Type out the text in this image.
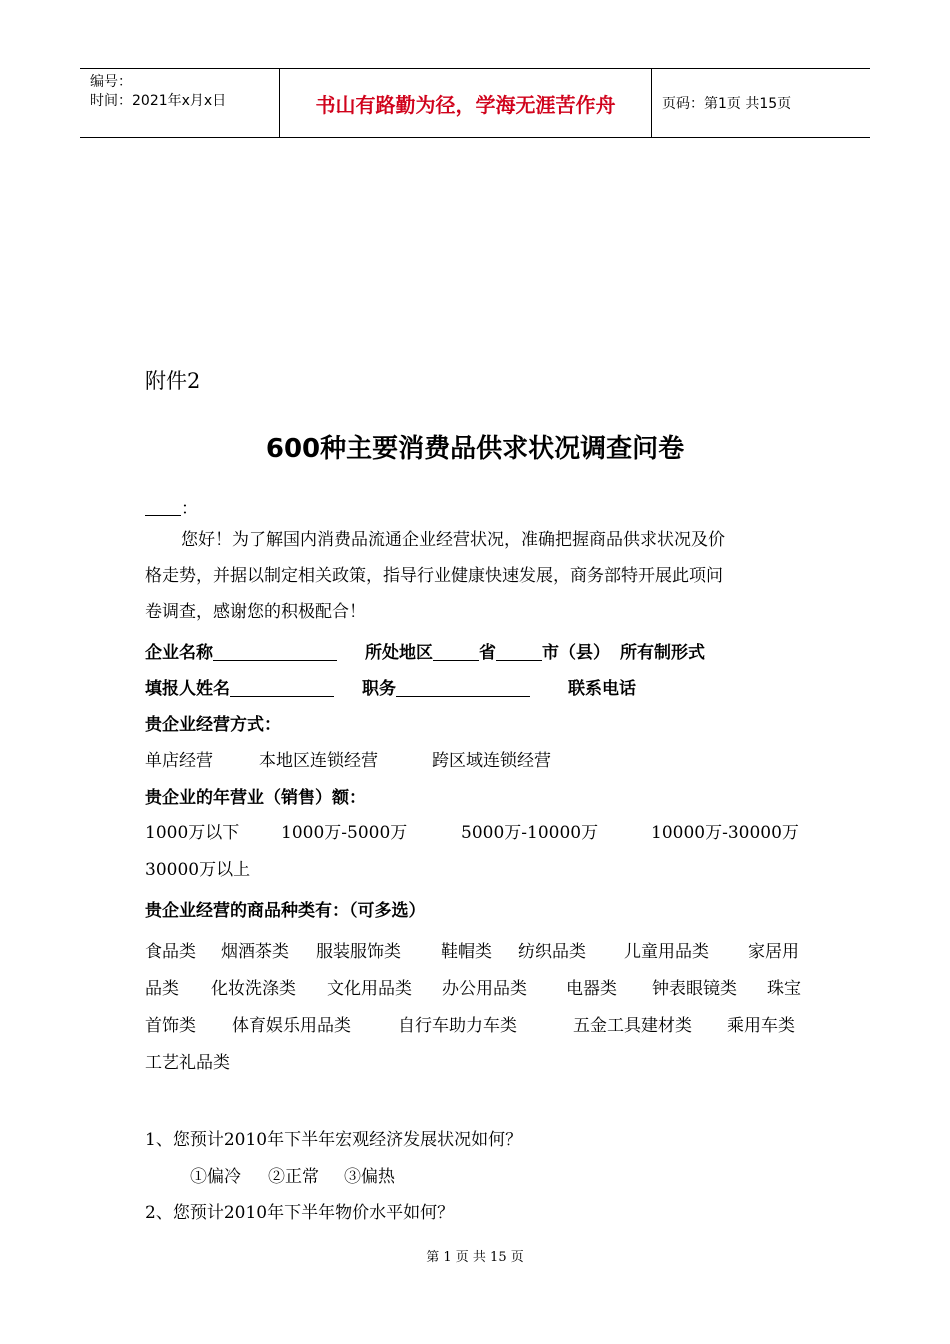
编号：
时间：2021年x月x日	书山有路勤为径，学海无涯苦作舟	页码：第1页 共15页
附件2
600种主要消费品供求状况调查问卷
：
您好！为了解国内消费品流通企业经营状况，准确把握商品供求状况及价
格走势，并据以制定相关政策，指导行业健康快速发展，商务部特开展此项问
卷调查，感谢您的积极配合！
企业名称	所处地区	省	市（县） 所有制形式
填报人姓名	职务	联系电话
贵企业经营方式：
单店经营	本地区连锁经营	跨区域连锁经营
贵企业的年营业（销售）额：
1000万以下 1000万-5000万	5000万-10000万	10000万-30000万
30000万以上
贵企业经营的商品种类有：（可多选）
食品类 烟酒茶类 服装服饰类 鞋帽类 纺织品类 儿童用品类 家居用
品类 化妆洗涤类 文化用品类 办公用品类 电器类 钟表眼镜类 珠宝
首饰类 体育娱乐用品类	自行车助力车类	五金工具建材类 乘用车类
工艺礼品类
1、您预计2010年下半年宏观经济发展状况如何？
①偏冷 ②正常 ③偏热
2、您预计2010年下半年物价水平如何？
第 1 页 共 15 页
